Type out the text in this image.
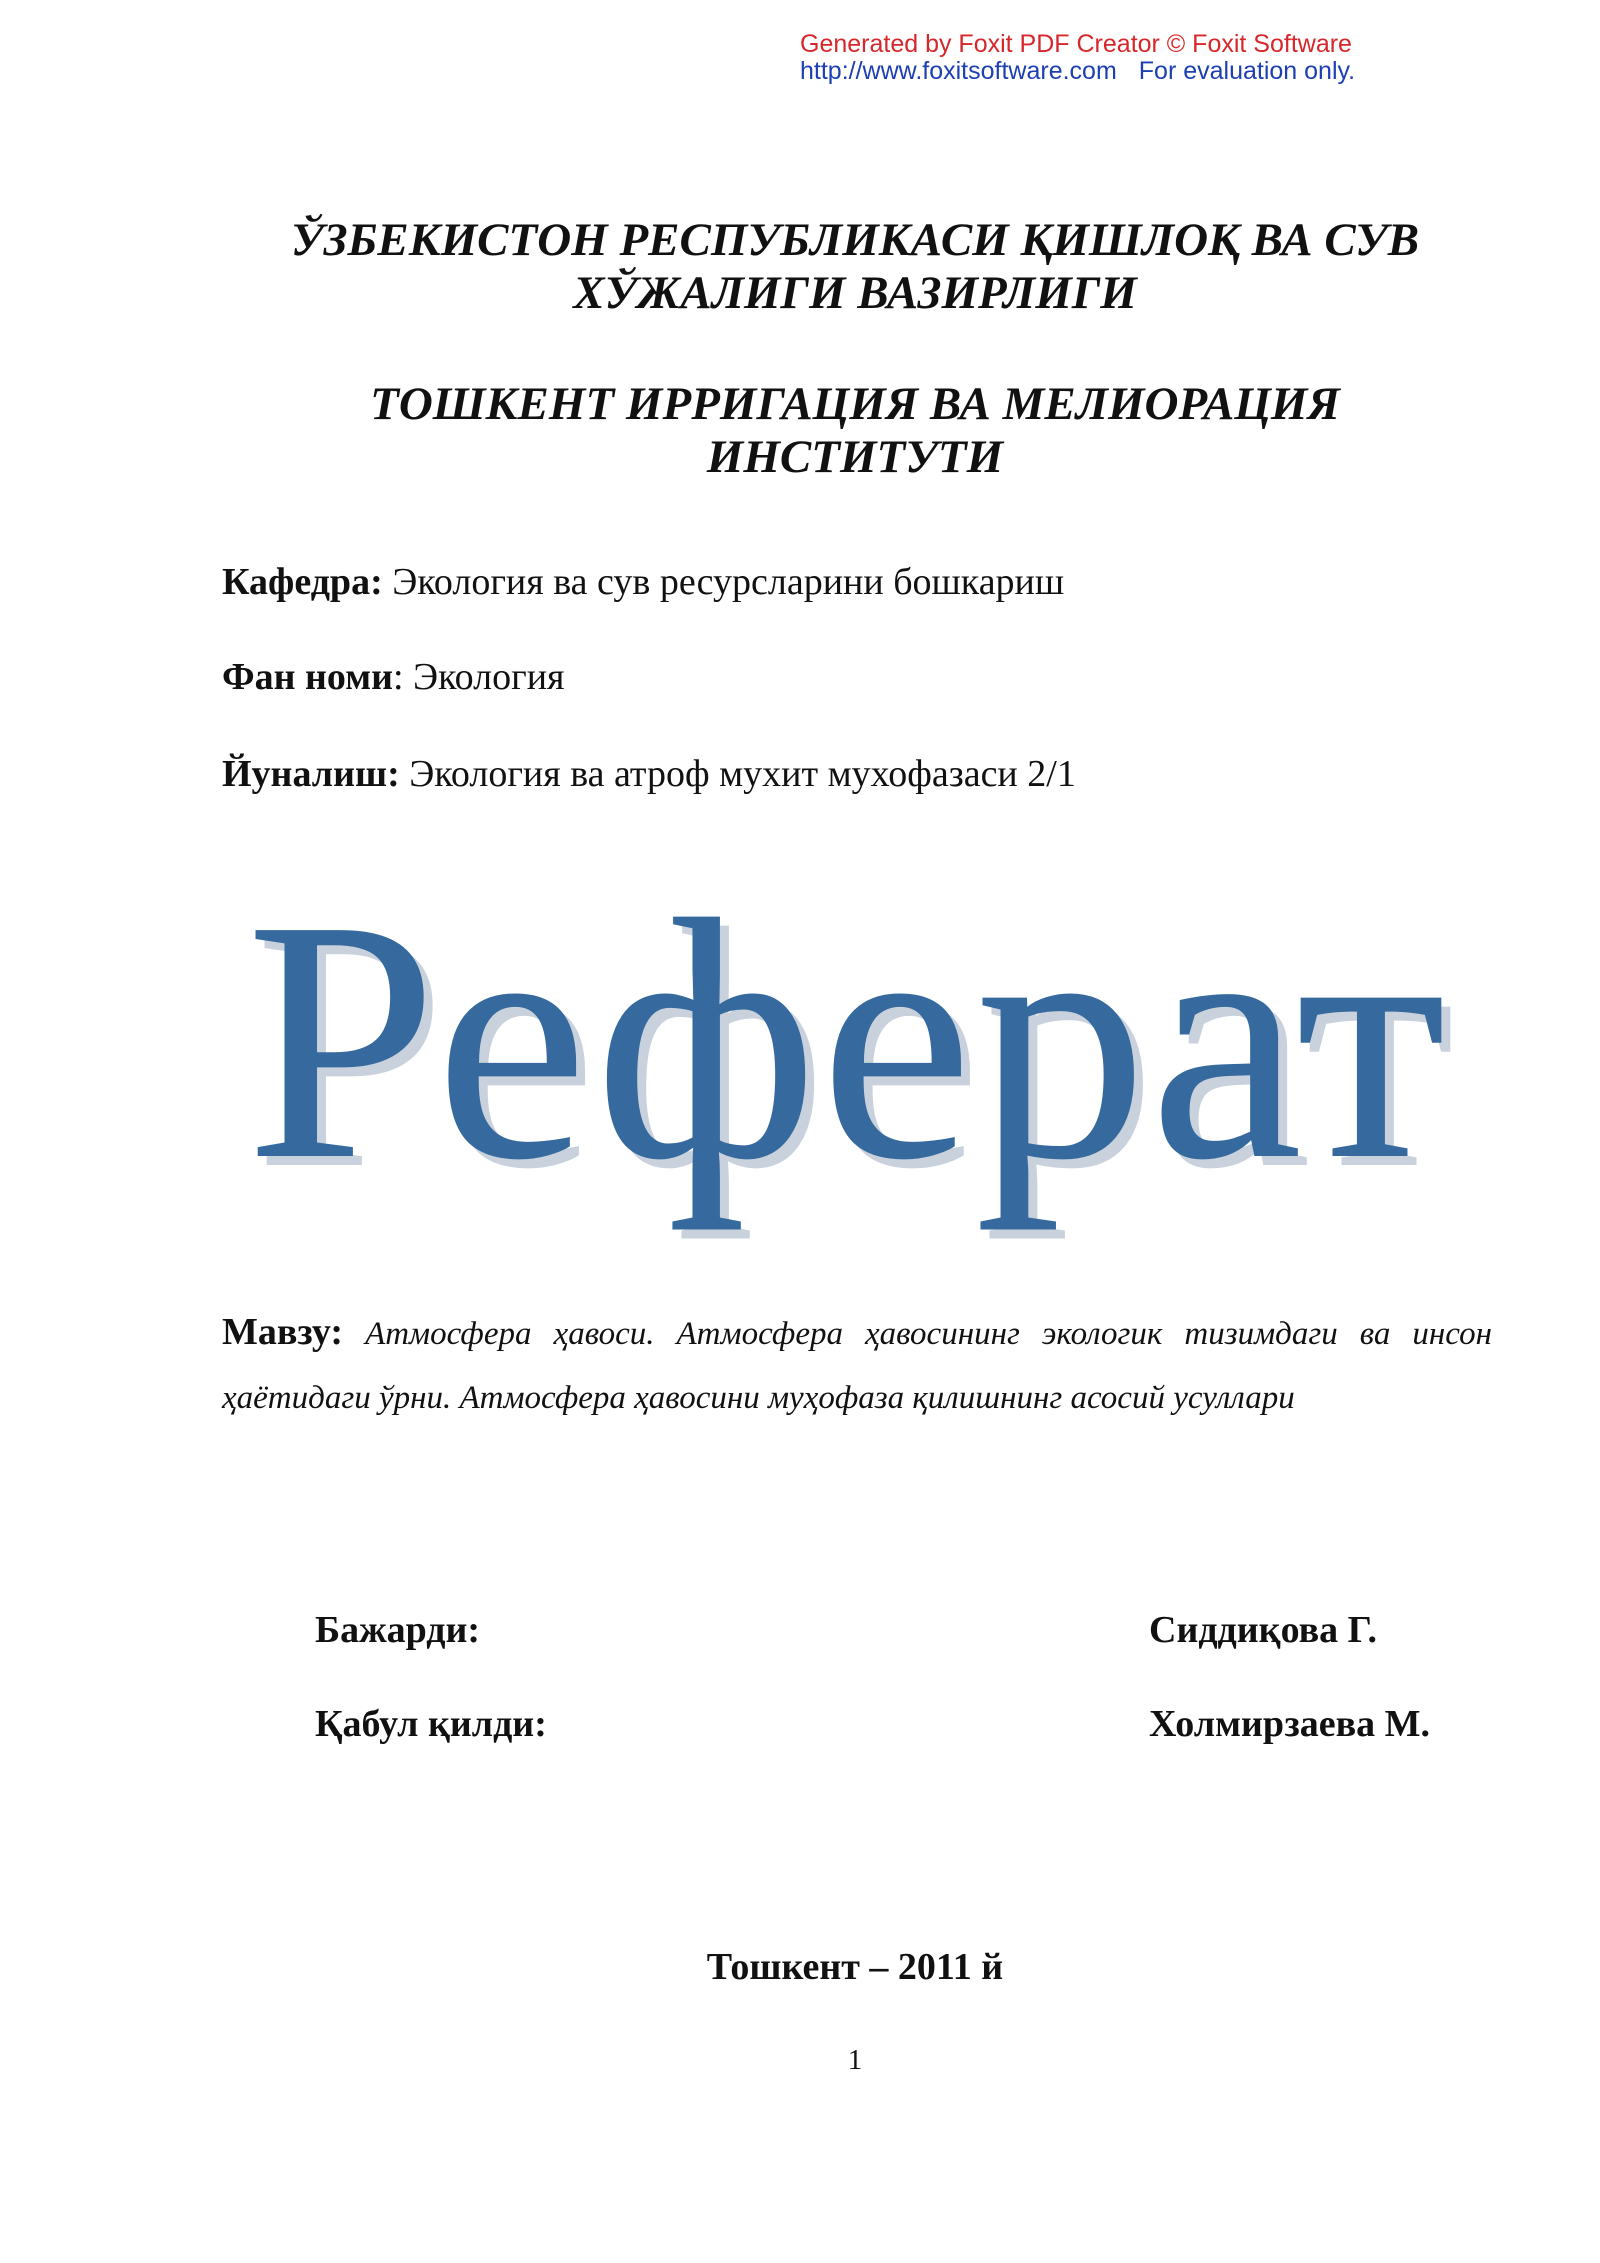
Generated by Foxit PDF Creator © Foxit Software
http://www.foxitsoftware.com For evaluation only.
ЎЗБЕКИСТОН РЕСПУБЛИКАСИ ҚИШЛОҚ ВА СУВ
ХЎЖАЛИГИ ВАЗИРЛИГИ
ТОШКЕНТ ИРРИГАЦИЯ ВА МЕЛИОРАЦИЯ
ИНСТИТУТИ
Кафедра: Экология ва сув ресурсларини бошкариш
Фан номи: Экология
Йуналиш: Экология ва атроф мухит мухофазаси 2/1
Реферат
Мавзу: Атмосфера ҳавоси. Атмосфера ҳавосининг экологик тизимдаги ва инсон ҳаётидаги ўрни. Атмосфера ҳавосини муҳофаза қилишнинг асосий усуллари
Бажарди:	Сиддиқова Г.
Қабул қилди:	Холмирзаева М.
Тошкент – 2011 й
1
